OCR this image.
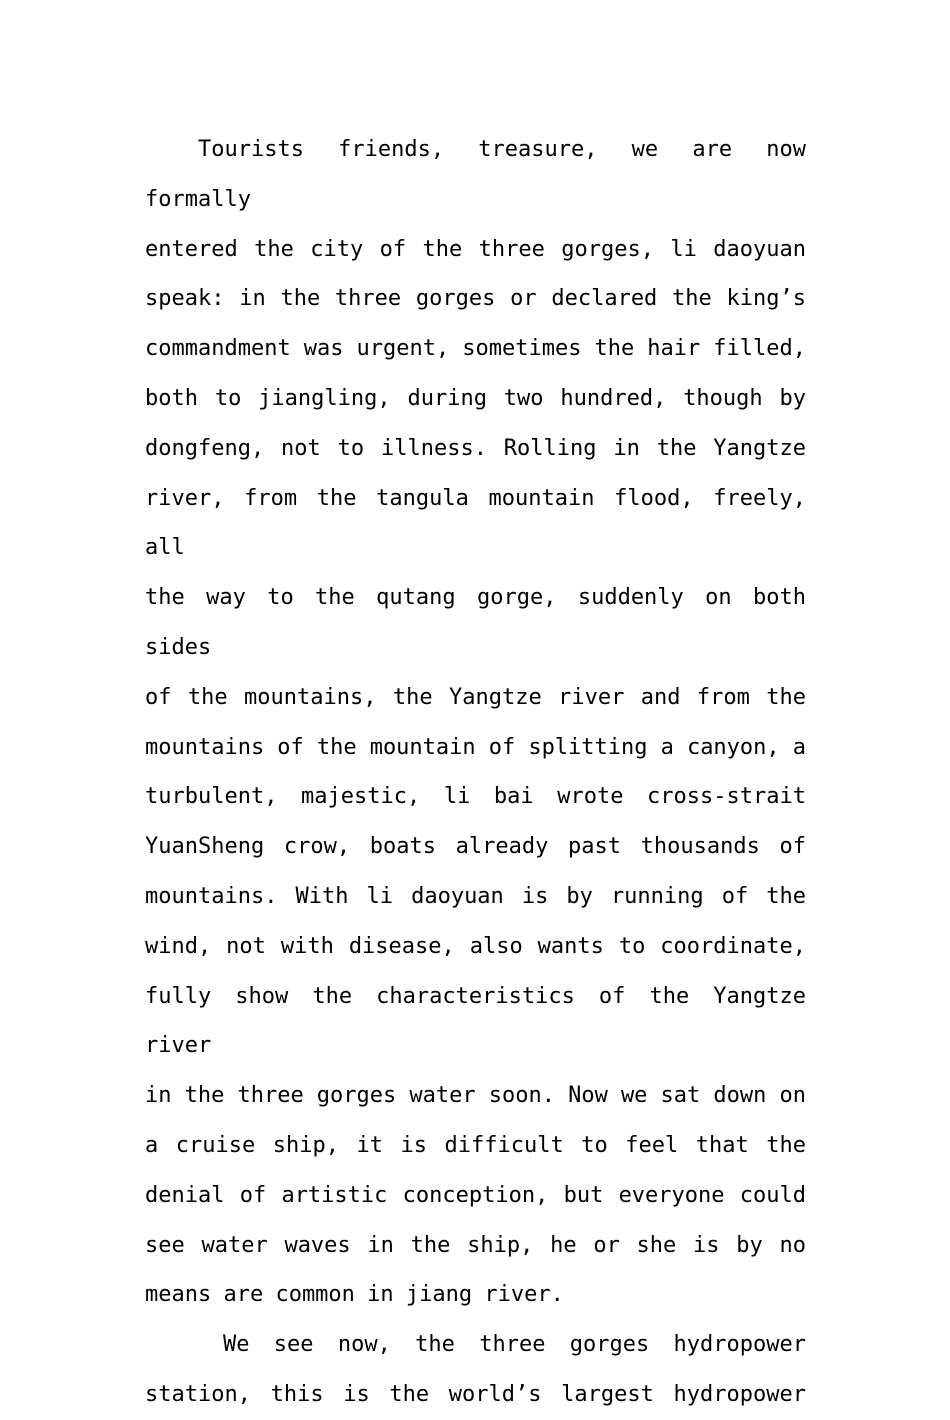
Tourists friends, treasure, we are now formally
entered the city of the three gorges, li daoyuan
speak: in the three gorges or declared the king’s
commandment was urgent, sometimes the hair filled,
both to jiangling, during two hundred, though by
dongfeng, not to illness. Rolling in the Yangtze
river, from the tangula mountain flood, freely, all
the way to the qutang gorge, suddenly on both sides
of the mountains, the Yangtze river and from the
mountains of the mountain of splitting a canyon, a
turbulent, majestic, li bai wrote cross-strait
YuanSheng crow, boats already past thousands of
mountains. With li daoyuan is by running of the
wind, not with disease, also wants to coordinate,
fully show the characteristics of the Yangtze river
in the three gorges water soon. Now we sat down on
a cruise ship, it is difficult to feel that the
denial of artistic conception, but everyone could
see water waves in the ship, he or she is by no
means are common in jiang river.

We see now, the three gorges hydropower
station, this is the world’s largest hydropower
